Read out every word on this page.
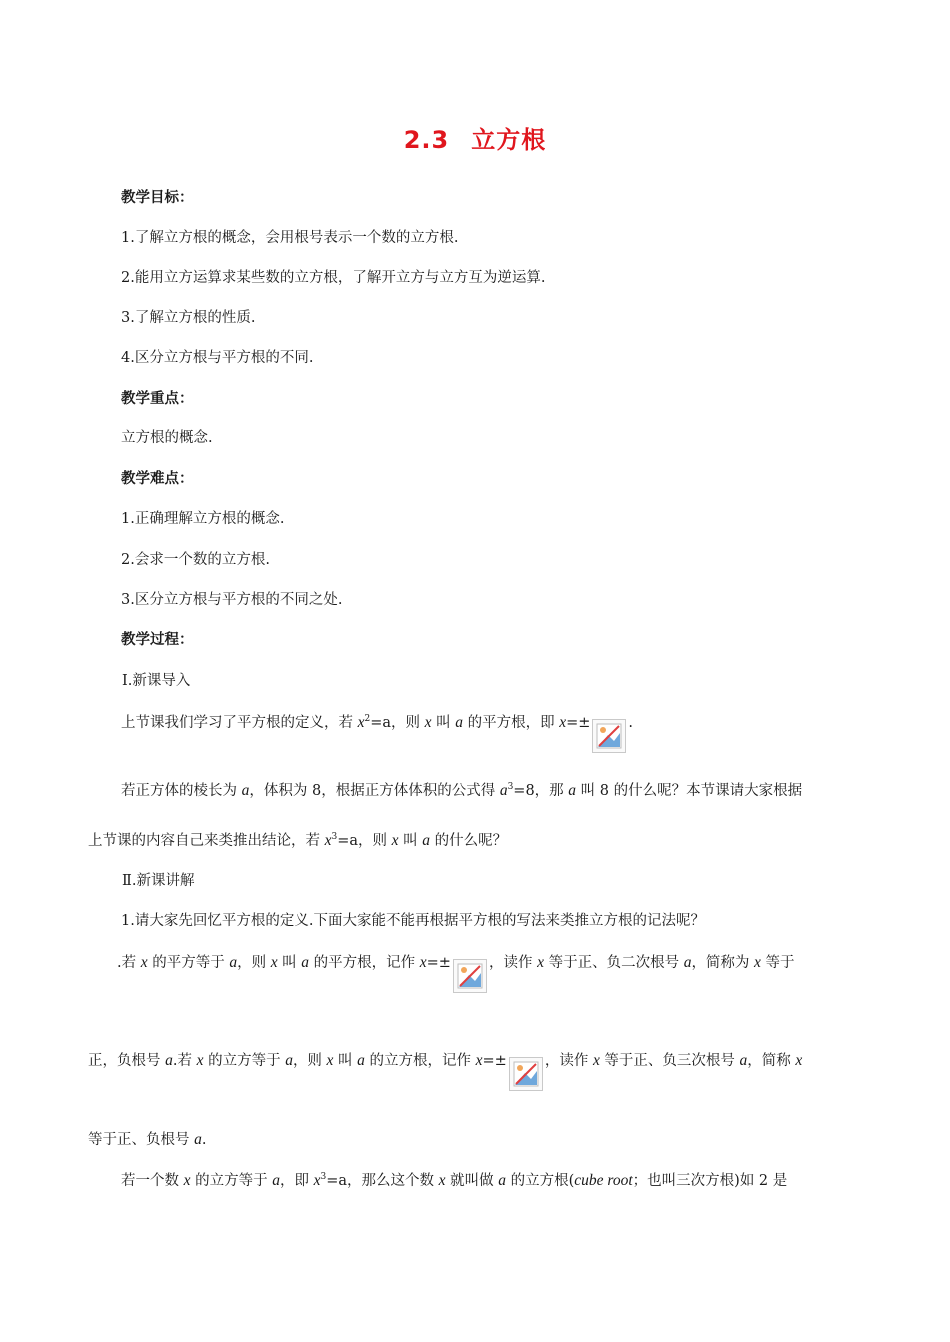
2.3 立方根
教学目标：
1.了解立方根的概念，会用根号表示一个数的立方根.
2.能用立方运算求某些数的立方根，了解开立方与立方互为逆运算.
3.了解立方根的性质.
4.区分立方根与平方根的不同.
教学重点：
立方根的概念.
教学难点：
1.正确理解立方根的概念.
2.会求一个数的立方根.
3.区分立方根与平方根的不同之处.
教学过程：
Ⅰ.新课导入
上节课我们学习了平方根的定义，若 $x^2=a$，则 x 叫 a 的平方根，即 x=±	.
若正方体的棱长为 a，体积为 8，根据正方体体积的公式得 $a^3=8$，那 a 叫 8 的什么呢？本节课请大家根据
上节课的内容自己来类推出结论，若 $x^3=a$，则 x 叫 a 的什么呢？
Ⅱ.新课讲解
1.请大家先回忆平方根的定义.下面大家能不能再根据平方根的写法来类推立方根的记法呢？
.若 x 的平方等于 a，则 x 叫 a 的平方根，记作 x=±	，读作 x 等于正、负二次根号 a，简称为 x 等于
正，负根号 a.若 x 的立方等于 a，则 x 叫 a 的立方根，记作 x=±	，读作 x 等于正、负三次根号 a，简称 x
等于正、负根号 a.
若一个数 x 的立方等于 a，即 $x^3=a$，那么这个数 x 就叫做 a 的立方根(cube root；也叫三次方根)如 2 是
